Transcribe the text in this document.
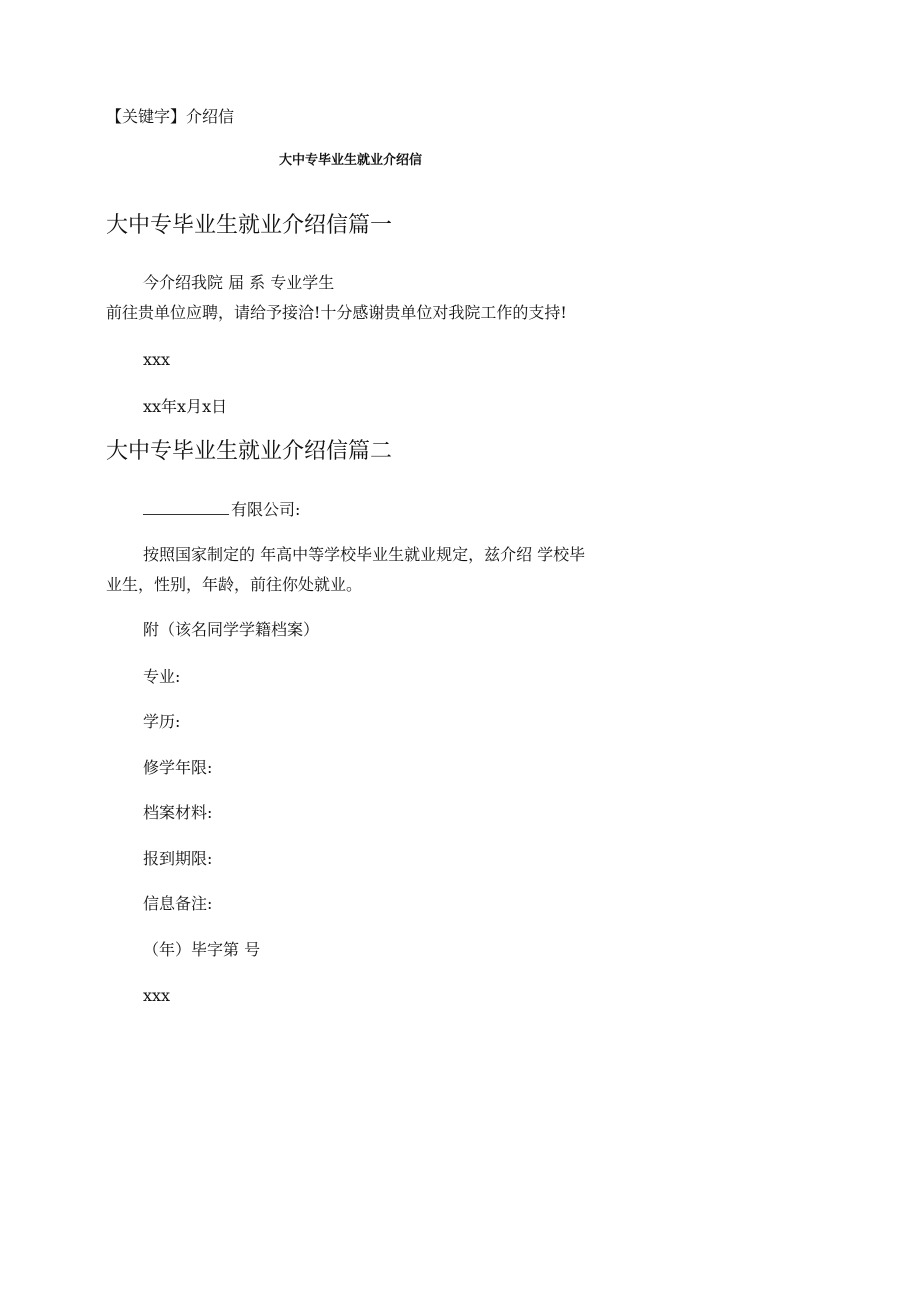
【关键字】介绍信
大中专毕业生就业介绍信
大中专毕业生就业介绍信篇一
今介绍我院 届 系 专业学生
前往贵单位应聘，请给予接洽!十分感谢贵单位对我院工作的支持!
xxx
xx年x月x日
大中专毕业生就业介绍信篇二
有限公司:
按照国家制定的 年高中等学校毕业生就业规定，兹介绍 学校毕
业生，性别，年龄，前往你处就业。
附（该名同学学籍档案）
专业:
学历:
修学年限:
档案材料:
报到期限:
信息备注:
（年）毕字第 号
xxx
